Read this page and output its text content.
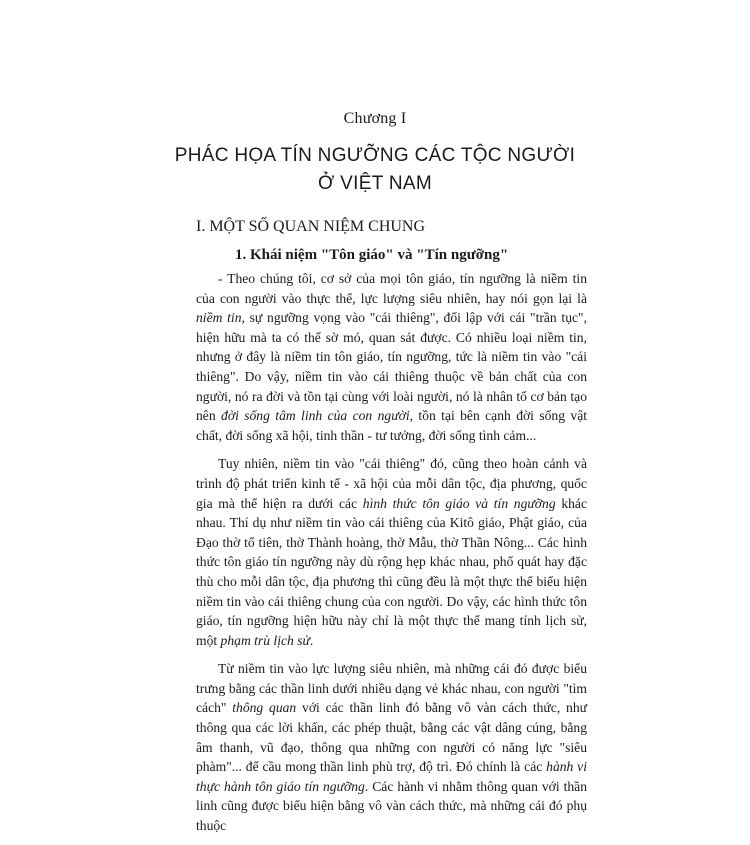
Chương I
PHÁC HỌA TÍN NGƯỠNG CÁC TỘC NGƯỜI
Ở VIỆT NAM
I. MỘT SỐ QUAN NIỆM CHUNG
1. Khái niệm "Tôn giáo" và "Tín ngưỡng"

- Theo chúng tôi, cơ sở của mọi tôn giáo, tín ngưỡng là niềm tin của con người vào thực thể, lực lượng siêu nhiên, hay nói gọn lại là niềm tin, sự ngưỡng vọng vào "cái thiêng", đối lập với cái "trần tục", hiện hữu mà ta có thể sờ mó, quan sát được. Có nhiều loại niềm tin, nhưng ở đây là niềm tin tôn giáo, tín ngưỡng, tức là niềm tin vào "cái thiêng". Do vậy, niềm tin vào cái thiêng thuộc về bản chất của con người, nó ra đời và tồn tại cùng với loài người, nó là nhân tố cơ bản tạo nên đời sống tâm linh của con người, tồn tại bên cạnh đời sống vật chất, đời sống xã hội, tinh thần - tư tưởng, đời sống tình cảm...

Tuy nhiên, niềm tin vào "cái thiêng" đó, cũng theo hoàn cảnh và trình độ phát triển kinh tế - xã hội của mỗi dân tộc, địa phương, quốc gia mà thể hiện ra dưới các hình thức tôn giáo và tín ngưỡng khác nhau. Thí dụ như niềm tin vào cái thiêng của Kitô giáo, Phật giáo, của Đạo thờ tổ tiên, thờ Thành hoàng, thờ Mẫu, thờ Thần Nông... Các hình thức tôn giáo tín ngưỡng này dù rộng hẹp khác nhau, phổ quát hay đặc thù cho mỗi dân tộc, địa phương thì cũng đều là một thực thể biểu hiện niềm tin vào cái thiêng chung của con người. Do vậy, các hình thức tôn giáo, tín ngưỡng hiện hữu này chỉ là một thực thể mang tính lịch sử, một phạm trù lịch sử.

Từ niềm tin vào lực lượng siêu nhiên, mà những cái đó được biểu trưng bằng các thần linh dưới nhiều dạng vẻ khác nhau, con người "tìm cách" thông quan với các thần linh đó bằng vô vàn cách thức, như thông qua các lời khấn, các phép thuật, bằng các vật dâng cúng, bằng âm thanh, vũ đạo, thông qua những con người có năng lực "siêu phàm"... để cầu mong thần linh phù trợ, độ trì. Đó chính là các hành vi thực hành tôn giáo tín ngưỡng. Các hành vi nhằm thông quan với thần linh cũng được biểu hiện bằng vô vàn cách thức, mà những cái đó phụ thuộc
